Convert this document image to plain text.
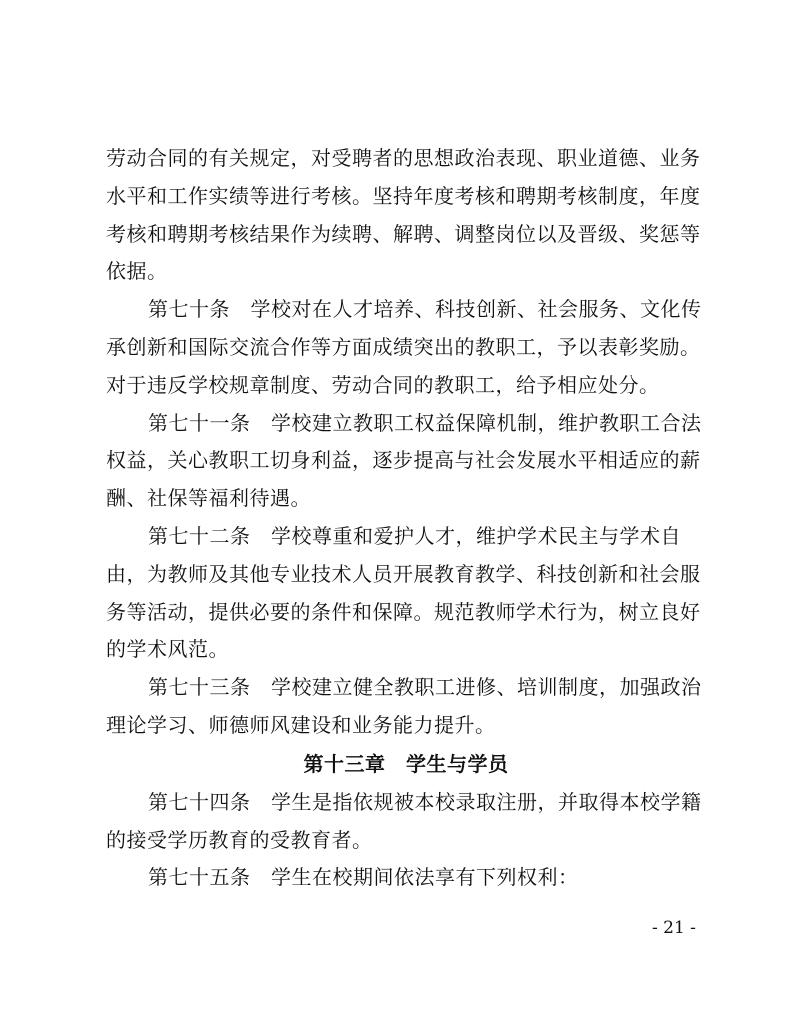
劳动合同的有关规定，对受聘者的思想政治表现、职业道德、业务
水平和工作实绩等进行考核。坚持年度考核和聘期考核制度，年度
考核和聘期考核结果作为续聘、解聘、调整岗位以及晋级、奖惩等
依据。
第七十条　学校对在人才培养、科技创新、社会服务、文化传
承创新和国际交流合作等方面成绩突出的教职工，予以表彰奖励。
对于违反学校规章制度、劳动合同的教职工，给予相应处分。
第七十一条　学校建立教职工权益保障机制，维护教职工合法
权益，关心教职工切身利益，逐步提高与社会发展水平相适应的薪
酬、社保等福利待遇。
第七十二条　学校尊重和爱护人才，维护学术民主与学术自
由，为教师及其他专业技术人员开展教育教学、科技创新和社会服
务等活动，提供必要的条件和保障。规范教师学术行为，树立良好
的学术风范。
第七十三条　学校建立健全教职工进修、培训制度，加强政治
理论学习、师德师风建设和业务能力提升。
第十三章　学生与学员
第七十四条　学生是指依规被本校录取注册，并取得本校学籍
的接受学历教育的受教育者。
第七十五条　学生在校期间依法享有下列权利：
- 21 -
